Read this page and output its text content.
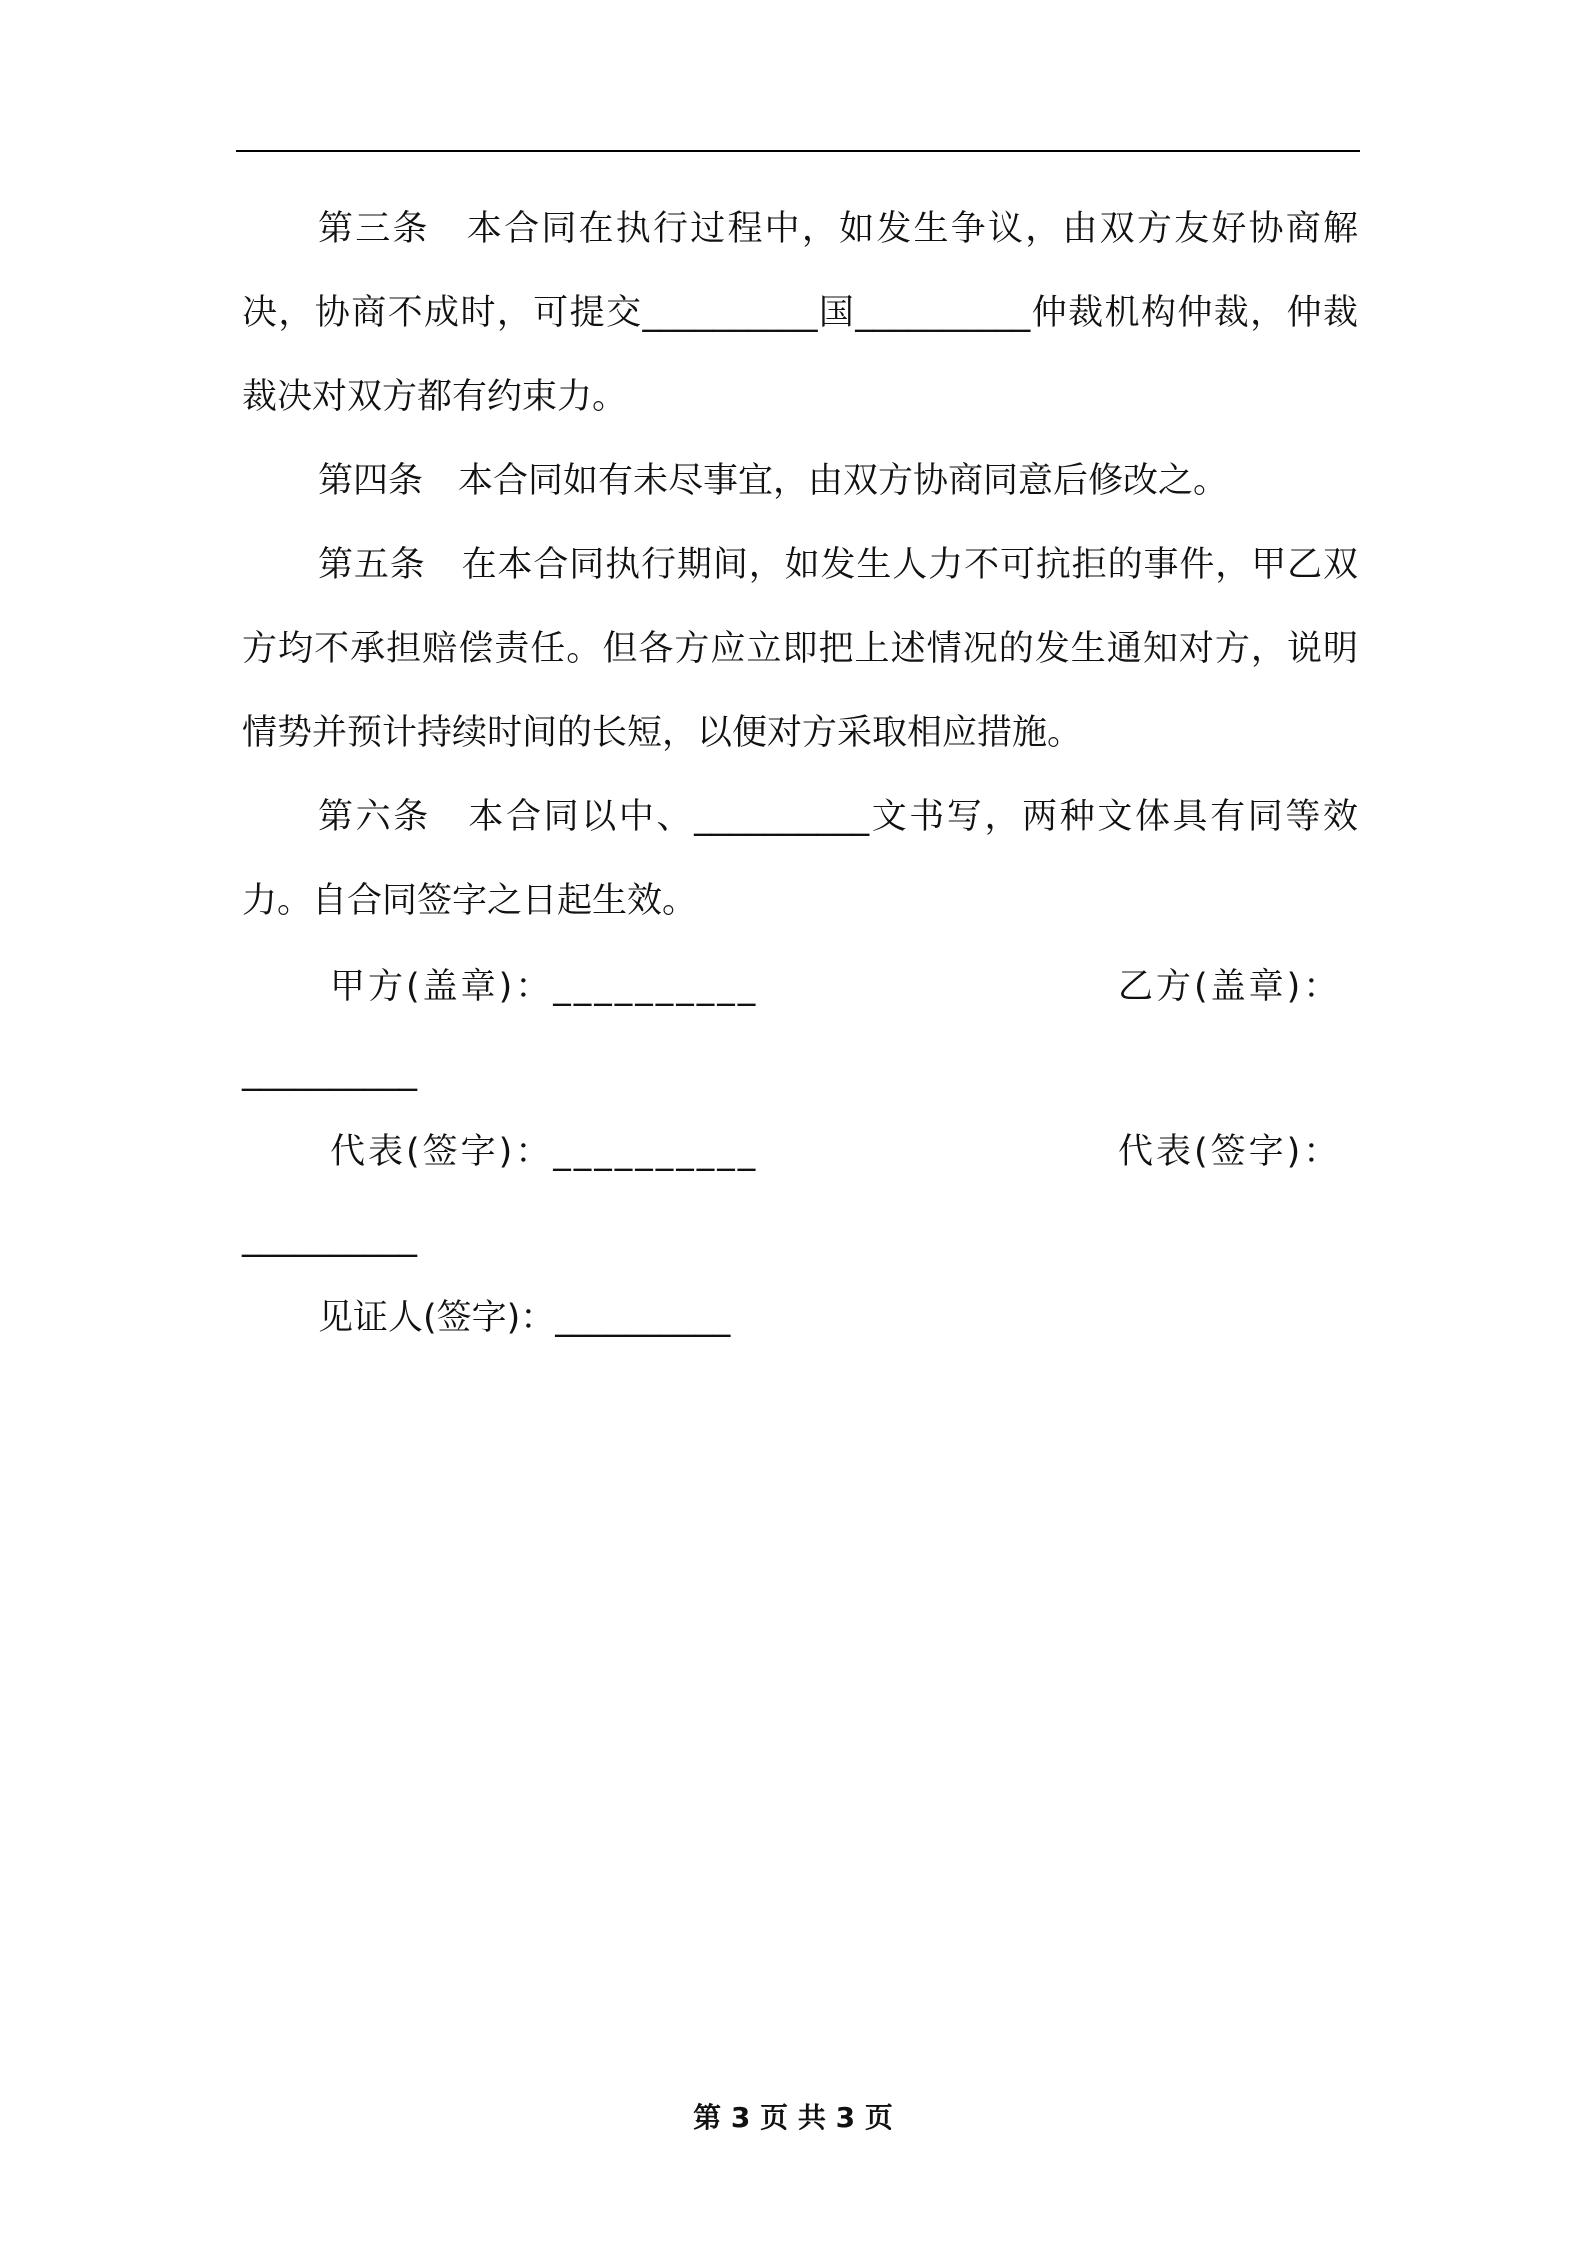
第三条　本合同在执行过程中，如发生争议，由双方友好协商解决，协商不成时，可提交__________国__________仲裁机构仲裁，仲裁裁决对双方都有约束力。

第四条　本合同如有未尽事宜，由双方协商同意后修改之。

第五条　在本合同执行期间，如发生人力不可抗拒的事件，甲乙双方均不承担赔偿责任。但各方应立即把上述情况的发生通知对方，说明情势并预计持续时间的长短，以便对方采取相应措施。

第六条　本合同以中、__________文书写，两种文体具有同等效力。自合同签字之日起生效。

甲方(盖章)：__________	乙方(盖章)：
__________
代表(签字)：__________	代表(签字)：
__________
见证人(签字)：__________
第 3 页 共 3 页
